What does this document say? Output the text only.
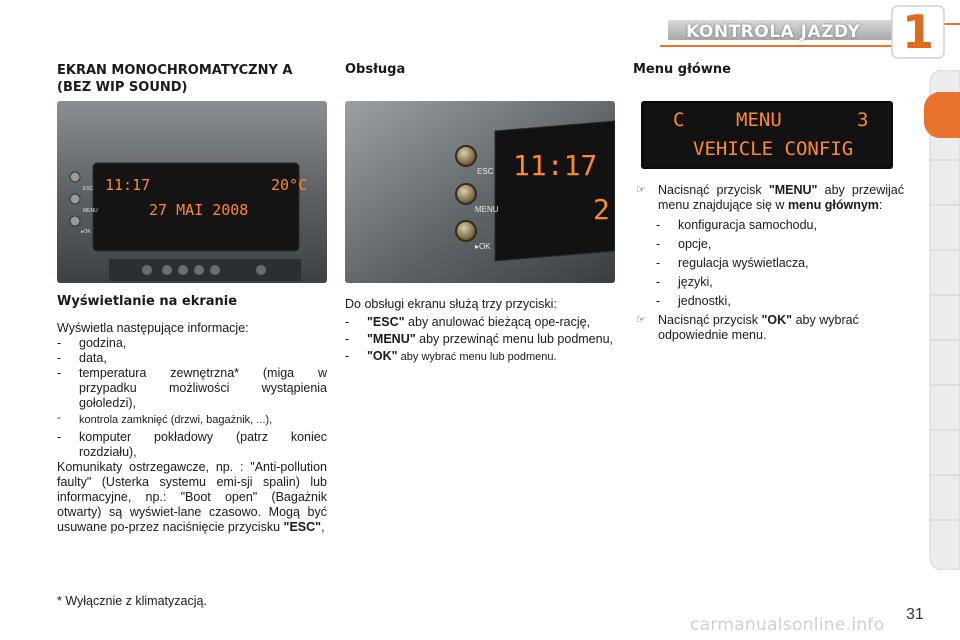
KONTROLA JAZDY 1
EKRAN MONOCHROMATYCZNY A
(BEZ WIP SOUND)
ESC
MENU
▸OK
11:17	20°C
27 MAI 2008
Wyświetlanie na ekranie

Wyświetla następujące informacje:

- godzina,
- data,
- temperatura zewnętrzna* (miga w przypadku możliwości wystąpienia gołoledzi),
- kontrola zamknięć (drzwi, bagażnik, ...),
- komputer pokładowy (patrz koniec rozdziału),

Komunikaty ostrzegawcze, np. : "Anti-pollution faulty" (Usterka systemu emi-sji spalin) lub informacyjne, np.: "Boot open" (Bagażnik otwarty) są wyświet-lane czasowo. Mogą być usuwane po-przez naciśnięcie przycisku "ESC",

* Wyłącznie z klimatyzacją.
Obsługa
ESC
MENU
▸OK
11:17
2

Do obsługi ekranu służą trzy przyciski:

- "ESC" aby anulować bieżącą ope-rację,
- "MENU" aby przewinąć menu lub podmenu,
- "OK" aby wybrać menu lub podmenu.
Menu główne
C	MENU	3
VEHICLE CONFIG
☞ Nacisnąć przycisk "MENU" aby przewijać menu znajdujące się w menu głównym:
- konfiguracja samochodu,
- opcje,
- regulacja wyświetlacza,
- języki,
- jednostki,
☞ Nacisnąć przycisk "OK" aby wybrać odpowiednie menu.
carmanualsonline.info
31
